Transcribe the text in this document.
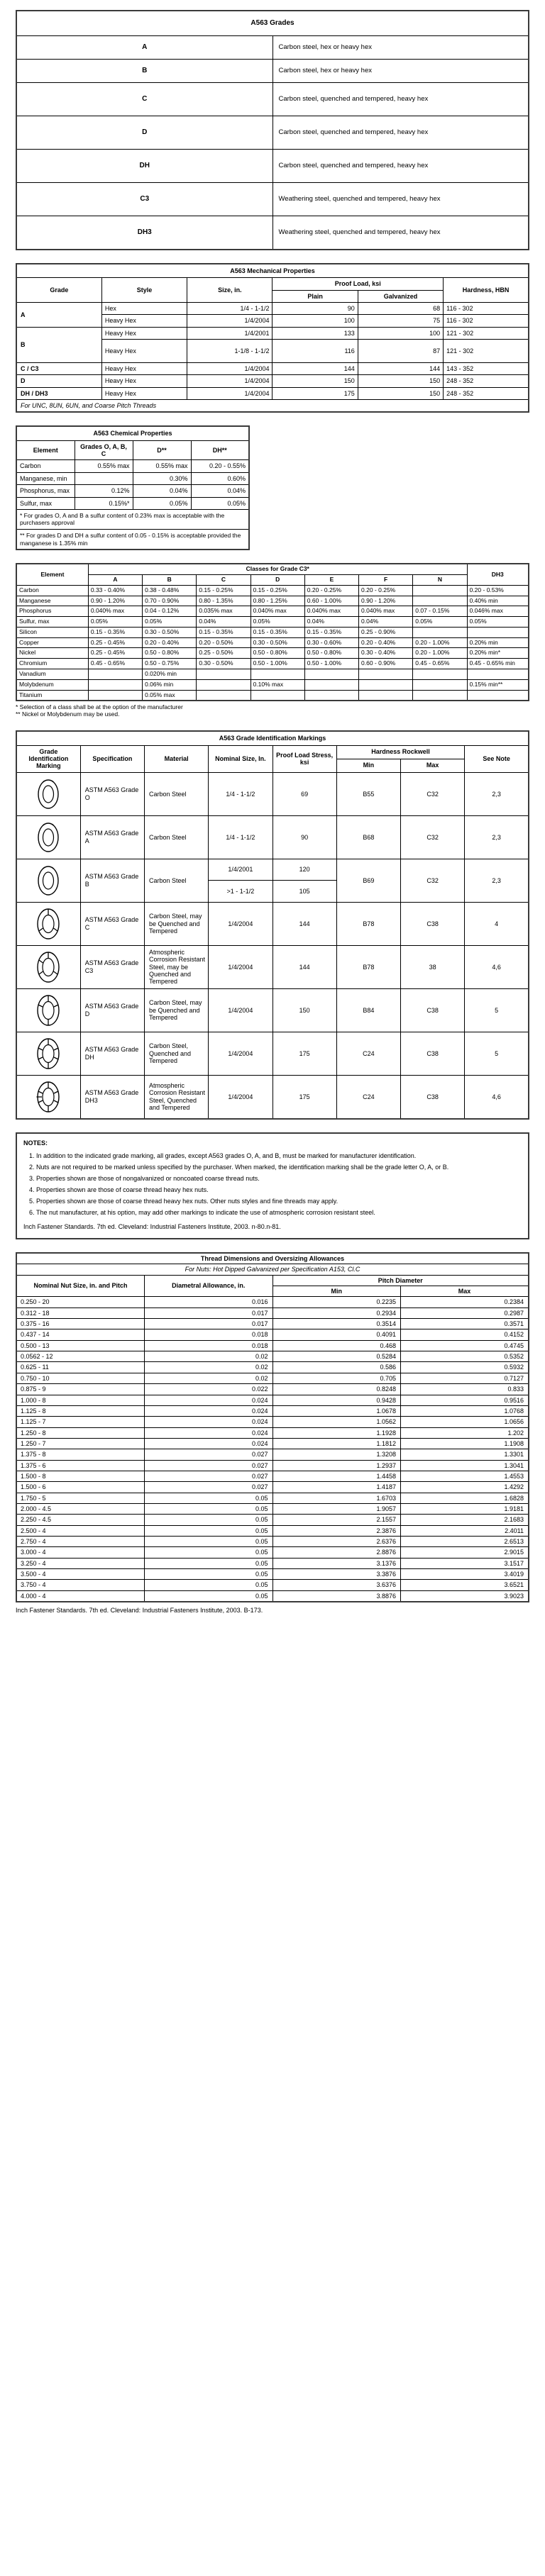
A563 Grades	
A	Carbon steel, hex or heavy hex
B	Carbon steel, hex or heavy hex
C	Carbon steel, quenched and tempered, heavy hex
D	Carbon steel, quenched and tempered, heavy hex
DH	Carbon steel, quenched and tempered, heavy hex
C3	Weathering steel, quenched and tempered, heavy hex
DH3	Weathering steel, quenched and tempered, heavy hex
A563 Mechanical Properties					
Grade	Style	Size, in.	Proof Load, ksi		Hardness, HBN
			Plain	Galvanized	
A	Hex	1/4 - 1-1/2	90	68	116 - 302
	Heavy Hex	1/4/2004	100	75	116 - 302
B	Heavy Hex	1/4/2001	133	100	121 - 302
	Heavy Hex	1-1/8 - 1-1/2	116	87	121 - 302
C / C3	Heavy Hex	1/4/2004	144	144	143 - 352
D	Heavy Hex	1/4/2004	150	150	248 - 352
DH / DH3	Heavy Hex	1/4/2004	175	150	248 - 352
For UNC, 8UN, 6UN, and Coarse Pitch Threads					
A563 Chemical Properties			
Element	Grades O, A, B, C	D**	DH**
Carbon	0.55% max	0.55% max	0.20 - 0.55%
Manganese, min		0.30%	0.60%
Phosphorus, max	0.12%	0.04%	0.04%
Sulfur, max	0.15%*	0.05%	0.05%
* For grades O, A and B a sulfur content of 0.23% max is acceptable with the purchasers approval			
** For grades D and DH a sulfur content of 0.05 - 0.15% is acceptable provided the manganese is 1.35% min			
Element	Classes for Grade C3*							DH3
	A	B	C	D	E	F	N	
Carbon	0.33 - 0.40%	0.38 - 0.48%	0.15 - 0.25%	0.15 - 0.25%	0.20 - 0.25%	0.20 - 0.25%		0.20 - 0.53%
Manganese	0.90 - 1.20%	0.70 - 0.90%	0.80 - 1.35%	0.80 - 1.25%	0.60 - 1.00%	0.90 - 1.20%		0.40% min
Phosphorus	0.040% max	0.04 - 0.12%	0.035% max	0.040% max	0.040% max	0.040% max	0.07 - 0.15%	0.046% max
Sulfur, max	0.05%	0.05%	0.04%	0.05%	0.04%	0.04%	0.05%	0.05%
Silicon	0.15 - 0.35%	0.30 - 0.50%	0.15 - 0.35%	0.15 - 0.35%	0.15 - 0.35%	0.25 - 0.90%		
Copper	0.25 - 0.45%	0.20 - 0.40%	0.20 - 0.50%	0.30 - 0.50%	0.30 - 0.60%	0.20 - 0.40%	0.20 - 1.00%	0.20% min
Nickel	0.25 - 0.45%	0.50 - 0.80%	0.25 - 0.50%	0.50 - 0.80%	0.50 - 0.80%	0.30 - 0.40%	0.20 - 1.00%	0.20% min*
Chromium	0.45 - 0.65%	0.50 - 0.75%	0.30 - 0.50%	0.50 - 1.00%	0.50 - 1.00%	0.60 - 0.90%	0.45 - 0.65%	0.45 - 0.65% min
Vanadium		0.020% min						
Molybdenum		0.06% min		0.10% max				0.15% min**
Titanium		0.05% max						
* Selection of a class shall be at the option of the manufacturer
** Nickel or Molybdenum may be used.
A563 Grade Identification Markings							
Grade Identification Marking	Specification	Material	Nominal Size, In.	Proof Load Stress, ksi	Hardness Rockwell		See Note
					Min	Max	

	ASTM A563 Grade O	Carbon Steel	1/4 - 1-1/2	69	B55	C32	2,3

	ASTM A563 Grade A	Carbon Steel	1/4 - 1-1/2	90	B68	C32	2,3

	ASTM A563 Grade B	Carbon Steel	1/4/2001	120	B69	C32	2,3
			>1 - 1-1/2	105			

	ASTM A563 Grade C	Carbon Steel, may be Quenched and Tempered	1/4/2004	144	B78	C38	4

	ASTM A563 Grade C3	Atmospheric Corrosion Resistant Steel, may be Quenched and Tempered	1/4/2004	144	B78	38	4,6

	ASTM A563 Grade D	Carbon Steel, may be Quenched and Tempered	1/4/2004	150	B84	C38	5

	ASTM A563 Grade DH	Carbon Steel, Quenched and Tempered	1/4/2004	175	C24	C38	5

	ASTM A563 Grade DH3	Atmospheric Corrosion Resistant Steel, Quenched and Tempered	1/4/2004	175	C24	C38	4,6
NOTES:
1. In addition to the indicated grade marking, all grades, except A563 grades O, A, and B, must be marked for manufacturer identification.
2. Nuts are not required to be marked unless specified by the purchaser. When marked, the identification marking shall be the grade letter O, A, or B.
3. Properties shown are those of nongalvanized or noncoated coarse thread nuts.
4. Properties shown are those of coarse thread heavy hex nuts.
5. Properties shown are those of coarse thread heavy hex nuts. Other nuts styles and fine threads may apply.
6. The nut manufacturer, at his option, may add other markings to indicate the use of atmospheric corrosion resistant steel.
Inch Fastener Standards. 7th ed. Cleveland: Industrial Fasteners Institute, 2003. n-80.n-81.
Thread Dimensions and Oversizing Allowances			
For Nuts: Hot Dipped Galvanized per Specification A153, Cl.C			
Nominal Nut Size, in. and Pitch	Diametral Allowance, in.	Pitch Diameter	
		Min	Max
0.250 - 20	0.016	0.2235	0.2384
0.312 - 18	0.017	0.2934	0.2987
0.375 - 16	0.017	0.3514	0.3571
0.437 - 14	0.018	0.4091	0.4152
0.500 - 13	0.018	0.468	0.4745
0.0562 - 12	0.02	0.5284	0.5352
0.625 - 11	0.02	0.586	0.5932
0.750 - 10	0.02	0.705	0.7127
0.875 - 9	0.022	0.8248	0.833
1.000 - 8	0.024	0.9428	0.9516
1.125 - 8	0.024	1.0678	1.0768
1.125 - 7	0.024	1.0562	1.0656
1.250 - 8	0.024	1.1928	1.202
1.250 - 7	0.024	1.1812	1.1908
1.375 - 8	0.027	1.3208	1.3301
1.375 - 6	0.027	1.2937	1.3041
1.500 - 8	0.027	1.4458	1.4553
1.500 - 6	0.027	1.4187	1.4292
1.750 - 5	0.05	1.6703	1.6828
2.000 - 4.5	0.05	1.9057	1.9181
2.250 - 4.5	0.05	2.1557	2.1683
2.500 - 4	0.05	2.3876	2.4011
2.750 - 4	0.05	2.6376	2.6513
3.000 - 4	0.05	2.8876	2.9015
3.250 - 4	0.05	3.1376	3.1517
3.500 - 4	0.05	3.3876	3.4019
3.750 - 4	0.05	3.6376	3.6521
4.000 - 4	0.05	3.8876	3.9023
Inch Fastener Standards. 7th ed. Cleveland: Industrial Fasteners Institute, 2003. B-173.
